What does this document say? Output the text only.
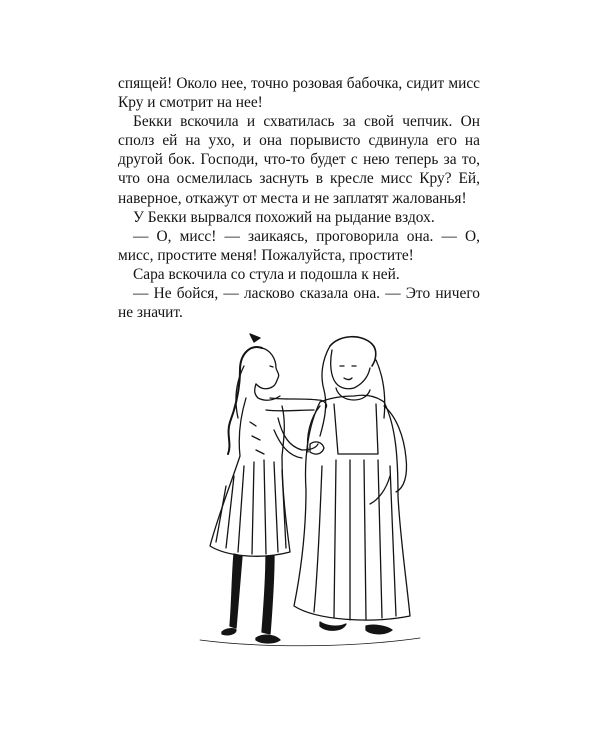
спящей! Около нее, точно розовая бабочка, сидит мисс Кру и смотрит на нее!

Бекки вскочила и схватилась за свой чепчик. Он сполз ей на ухо, и она порывисто сдвинула его на другой бок. Господи, что-то будет с нею теперь за то, что она осмелилась заснуть в кресле мисс Кру? Ей, наверное, откажут от места и не заплатят жалованья!

У Бекки вырвался похожий на рыдание вздох.

— О, мисс! — заикаясь, проговорила она. — О, мисс, простите меня! Пожалуйста, простите!

Сара вскочила со стула и подошла к ней.

— Не бойся, — ласково сказала она. — Это ничего не значит.
